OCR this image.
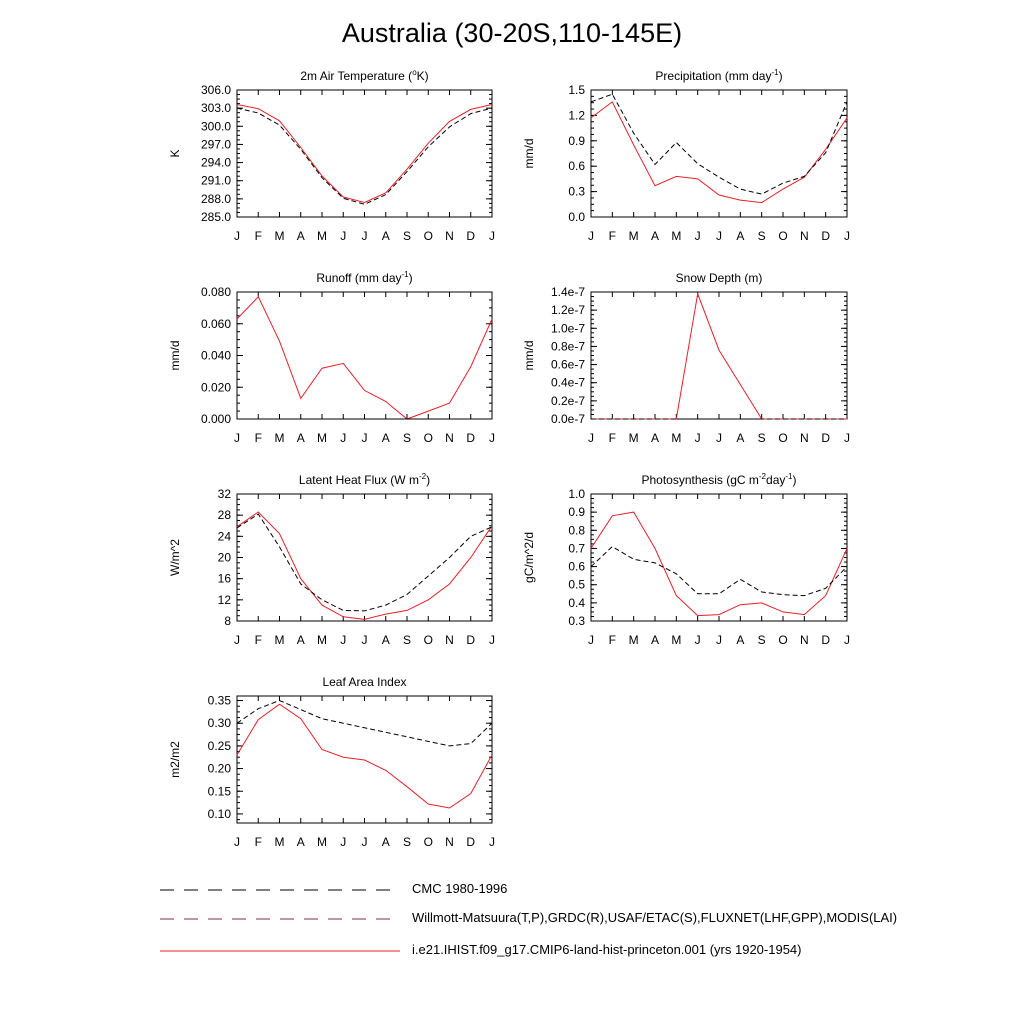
Australia (30-20S,110-145E)
J F M A M J J A S O N D J
285.0
288.0
291.0
294.0
297.0
300.0
303.0
306.0
K
2m Air Temperature ($^o$K)
J F M A M J J A S O N D J
0.0
0.3
0.6
0.9
1.2
1.5
mm/d
Precipitation (mm day$^{-1}$)
J F M A M J J A S O N D J
0.000
0.020
0.040
0.060
0.080
mm/d
Runoff (mm day$^{-1}$)
J F M A M J J A S O N D J
0.0e-7
0.2e-7
0.4e-7
0.6e-7
0.8e-7
1.0e-7
1.2e-7
1.4e-7
mm/d
Snow Depth (m)
J F M A M J J A S O N D J
8
12
16
20
24
28
32
W/m^2
Latent Heat Flux (W $m^{-2}$)
J F M A M J J A S O N D J
0.3
0.4
0.5
0.6
0.7
0.8
0.9
1.0
gC/m^2/d
Photosynthesis (gC $m^{-2}day^{-1}$)
J F M A M J J A S O N D J
0.10
0.15
0.20
0.25
0.30
0.35
m2/m2
Leaf Area Index
CMC 1980-1996
Willmott-Matsuura(T,P),GRDC(R),USAF/ETAC(S),FLUXNET(LHF,GPP),MODIS(LAI)
i.e21.IHIST.f09_g17.CMIP6-land-hist-princeton.001 (yrs 1920-1954)
